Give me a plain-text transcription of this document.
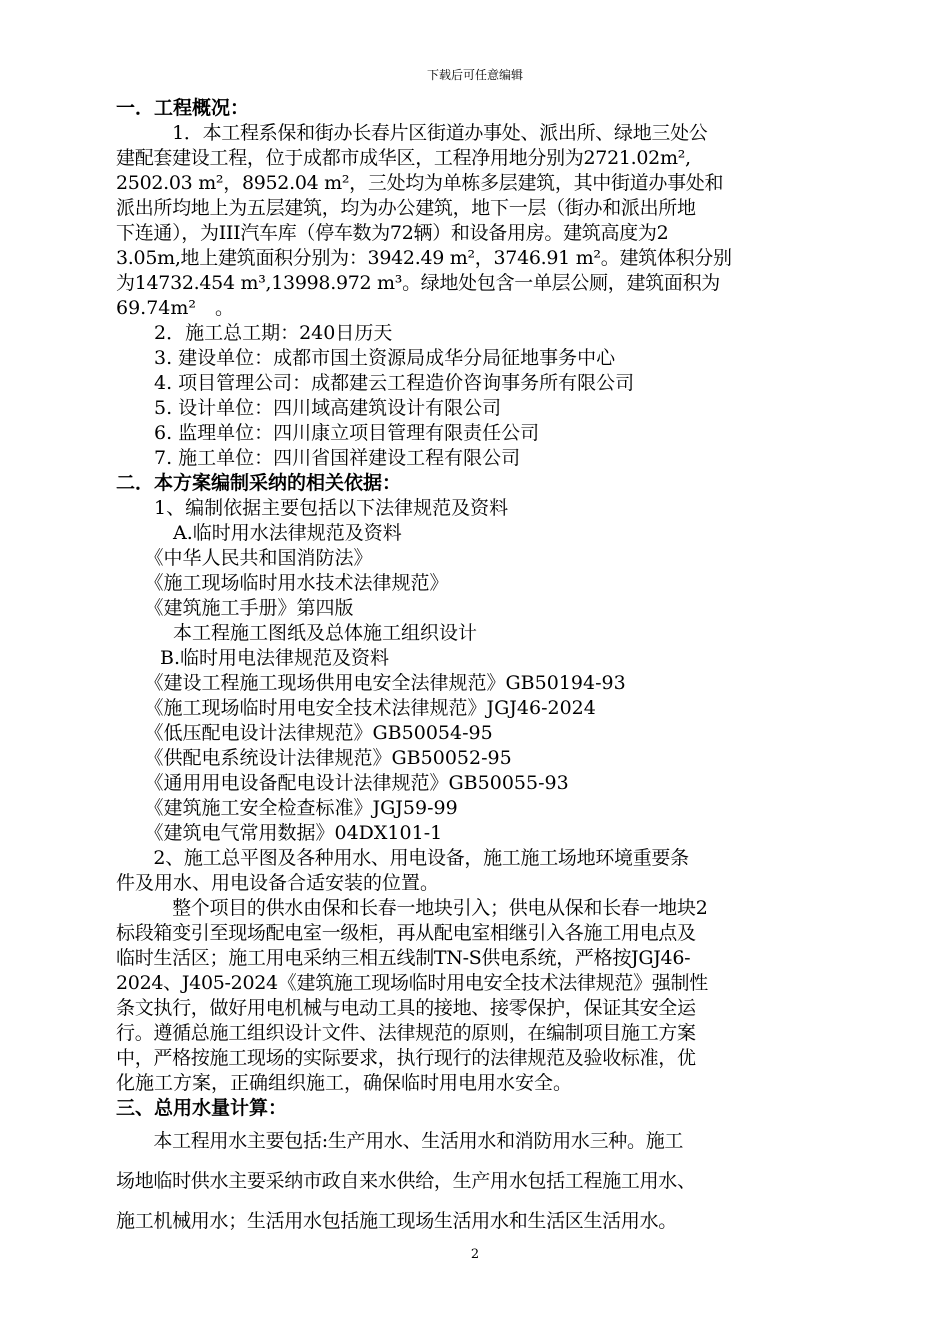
下载后可任意编辑

一．工程概况：

　　　1．本工程系保和街办长春片区街道办事处、派出所、绿地三处公

建配套建设工程，位于成都市成华区，工程净用地分别为2721.02m²,

2502.03 m²，8952.04 m²，三处均为单栋多层建筑，其中街道办事处和

派出所均地上为五层建筑，均为办公建筑，地下一层（街办和派出所地

下连通），为III汽车库（停车数为72辆）和设备用房。建筑高度为2

3.05m,地上建筑面积分别为：3942.49 m²，3746.91 m²。建筑体积分别

为14732.454 m³,13998.972 m³。绿地处包含一单层公厕，建筑面积为

69.74m²　。

　　2．施工总工期：240日历天

　　3. 建设单位：成都市国土资源局成华分局征地事务中心

　　4. 项目管理公司：成都建云工程造价咨询事务所有限公司

　　5. 设计单位：四川域高建筑设计有限公司

　　6. 监理单位：四川康立项目管理有限责任公司

　　7. 施工单位：四川省国祥建设工程有限公司

二．本方案编制采纳的相关依据：

　　1、编制依据主要包括以下法律规范及资料

　　　A.临时用水法律规范及资料

　　《中华人民共和国消防法》

　　《施工现场临时用水技术法律规范》

　　《建筑施工手册》第四版

　　　本工程施工图纸及总体施工组织设计

　　 B.临时用电法律规范及资料

　　《建设工程施工现场供用电安全法律规范》GB50194-93

　　《施工现场临时用电安全技术法律规范》JGJ46-2024

　　《低压配电设计法律规范》GB50054-95

　　《供配电系统设计法律规范》GB50052-95

　　《通用用电设备配电设计法律规范》GB50055-93

　　《建筑施工安全检查标准》JGJ59-99

　　《建筑电气常用数据》04DX101-1

　　2、施工总平图及各种用水、用电设备，施工施工场地环境重要条

件及用水、用电设备合适安装的位置。

　　　整个项目的供水由保和长春一地块引入；供电从保和长春一地块2

标段箱变引至现场配电室一级柜，再从配电室相继引入各施工用电点及

临时生活区；施工用电采纳三相五线制TN-S供电系统，严格按JGJ46-

2024、J405-2024《建筑施工现场临时用电安全技术法律规范》强制性

条文执行，做好用电机械与电动工具的接地、接零保护，保证其安全运

行。遵循总施工组织设计文件、法律规范的原则，在编制项目施工方案

中，严格按施工现场的实际要求，执行现行的法律规范及验收标准，优

化施工方案，正确组织施工，确保临时用电用水安全。

三、总用水量计算：

　　本工程用水主要包括:生产用水、生活用水和消防用水三种。施工

场地临时供水主要采纳市政自来水供给，生产用水包括工程施工用水、

施工机械用水；生活用水包括施工现场生活用水和生活区生活用水。

2
